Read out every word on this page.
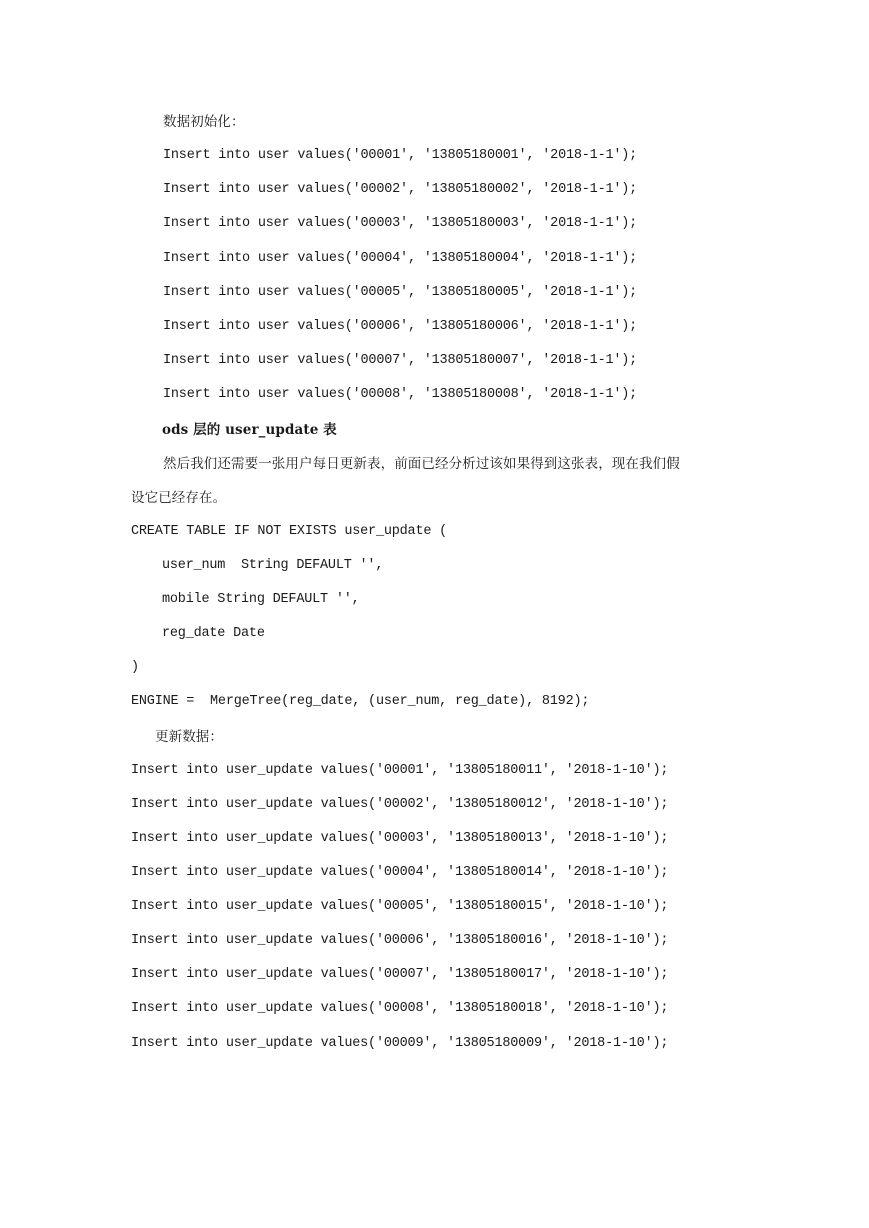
数据初始化：
Insert into user values('00001', '13805180001', '2018-1-1');
Insert into user values('00002', '13805180002', '2018-1-1');
Insert into user values('00003', '13805180003', '2018-1-1');
Insert into user values('00004', '13805180004', '2018-1-1');
Insert into user values('00005', '13805180005', '2018-1-1');
Insert into user values('00006', '13805180006', '2018-1-1');
Insert into user values('00007', '13805180007', '2018-1-1');
Insert into user values('00008', '13805180008', '2018-1-1');
ods 层的 user_update 表
然后我们还需要一张用户每日更新表，前面已经分析过该如果得到这张表，现在我们假
设它已经存在。
CREATE TABLE IF NOT EXISTS user_update (
user_num  String DEFAULT '',
mobile String DEFAULT '',
reg_date Date
)
ENGINE =  MergeTree(reg_date, (user_num, reg_date), 8192);
更新数据：
Insert into user_update values('00001', '13805180011', '2018-1-10');
Insert into user_update values('00002', '13805180012', '2018-1-10');
Insert into user_update values('00003', '13805180013', '2018-1-10');
Insert into user_update values('00004', '13805180014', '2018-1-10');
Insert into user_update values('00005', '13805180015', '2018-1-10');
Insert into user_update values('00006', '13805180016', '2018-1-10');
Insert into user_update values('00007', '13805180017', '2018-1-10');
Insert into user_update values('00008', '13805180018', '2018-1-10');
Insert into user_update values('00009', '13805180009', '2018-1-10');
